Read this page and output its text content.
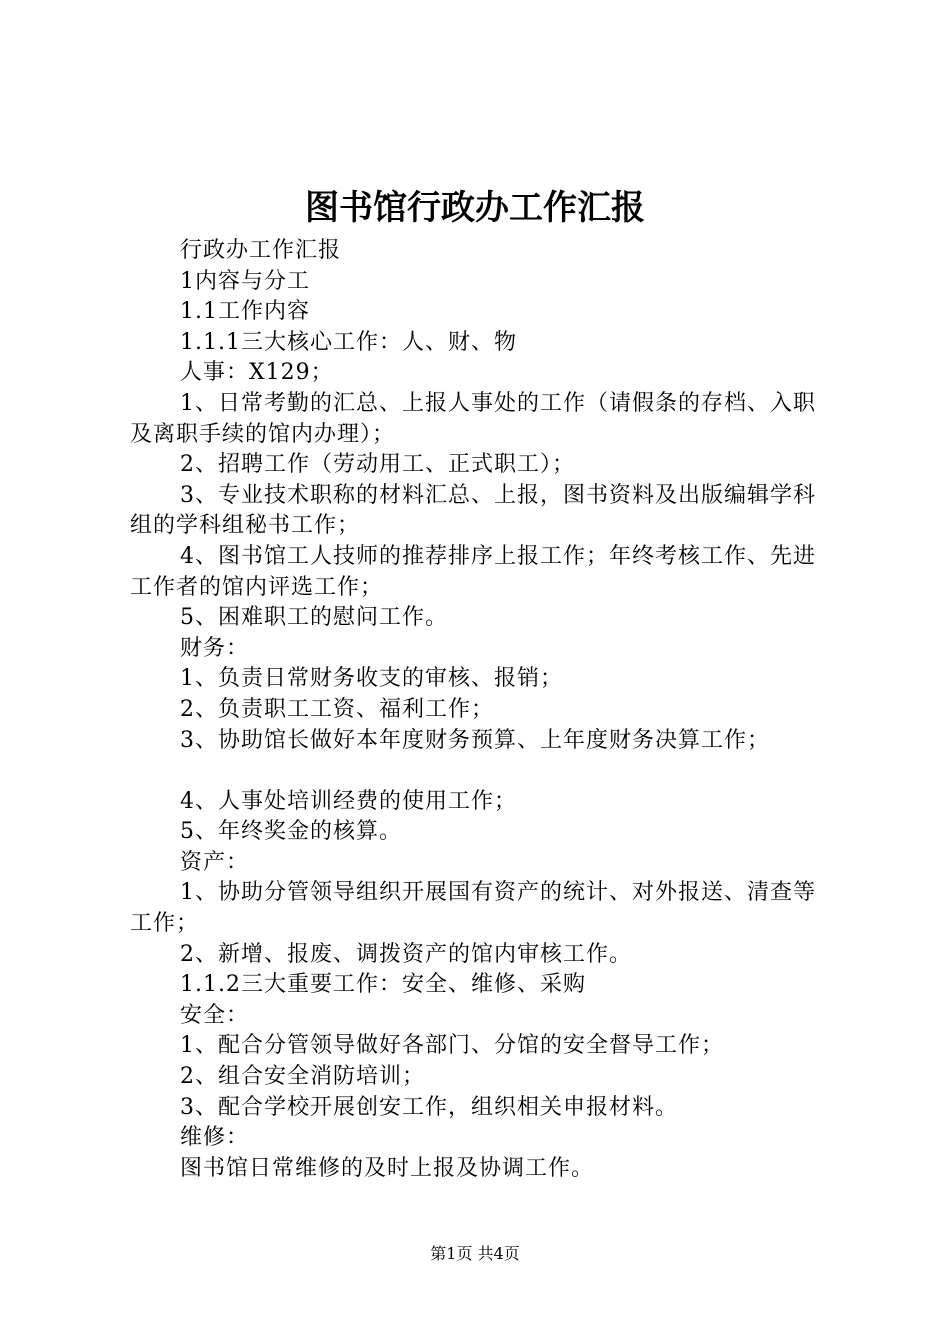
图书馆行政办工作汇报

行政办工作汇报

1内容与分工

1.1工作内容

1.1.1三大核心工作：人、财、物

人事：X129；

1、日常考勤的汇总、上报人事处的工作（请假条的存档、入职及离职手续的馆内办理）；

2、招聘工作（劳动用工、正式职工）；

3、专业技术职称的材料汇总、上报，图书资料及出版编辑学科组的学科组秘书工作；

4、图书馆工人技师的推荐排序上报工作；年终考核工作、先进工作者的馆内评选工作；

5、困难职工的慰问工作。

财务：

1、负责日常财务收支的审核、报销；

2、负责职工工资、福利工作；

3、协助馆长做好本年度财务预算、上年度财务决算工作；

4、人事处培训经费的使用工作；

5、年终奖金的核算。

资产：

1、协助分管领导组织开展国有资产的统计、对外报送、清查等工作；

2、新增、报废、调拨资产的馆内审核工作。

1.1.2三大重要工作：安全、维修、采购

安全：

1、配合分管领导做好各部门、分馆的安全督导工作；

2、组合安全消防培训；

3、配合学校开展创安工作，组织相关申报材料。

维修：

图书馆日常维修的及时上报及协调工作。

第1页 共4页
